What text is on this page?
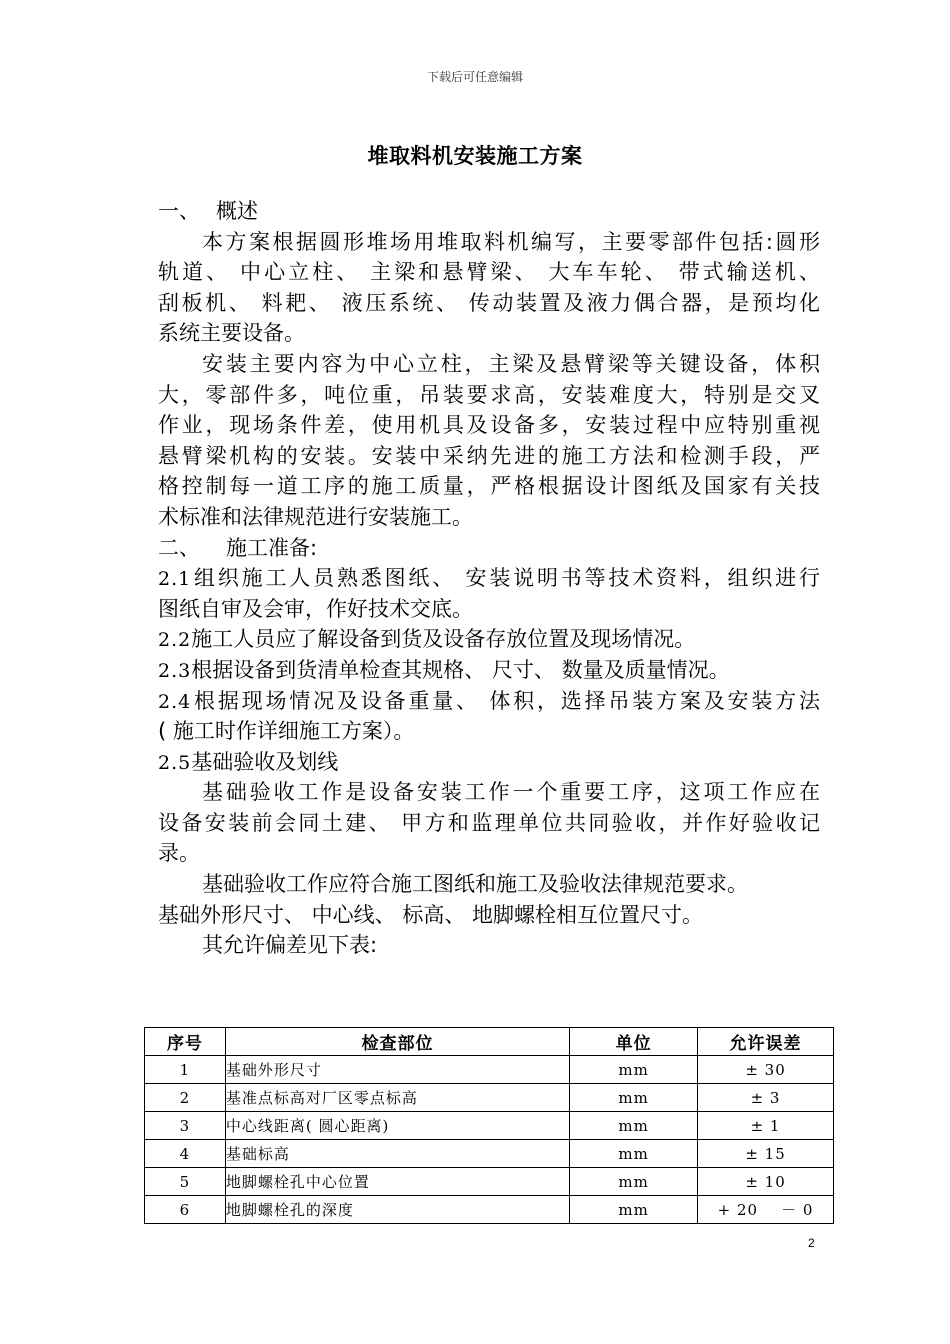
下载后可任意编辑
堆取料机安装施工方案
一、 概述
本方案根据圆形堆场用堆取料机编写，主要零部件包括:圆形
轨道、 中心立柱、 主梁和悬臂梁、 大车车轮、 带式输送机、
刮板机、 料耙、 液压系统、 传动装置及液力偶合器，是预均化
系统主要设备。
安装主要内容为中心立柱，主梁及悬臂梁等关键设备，体积
大，零部件多，吨位重，吊装要求高，安装难度大，特别是交叉
作业，现场条件差，使用机具及设备多，安装过程中应特别重视
悬臂梁机构的安装。安装中采纳先进的施工方法和检测手段，严
格控制每一道工序的施工质量，严格根据设计图纸及国家有关技
术标准和法律规范进行安装施工。
二、 施工准备:
2.1组织施工人员熟悉图纸、 安装说明书等技术资料，组织进行
图纸自审及会审，作好技术交底。
2.2施工人员应了解设备到货及设备存放位置及现场情况。
2.3根据设备到货清单检查其规格、 尺寸、 数量及质量情况。
2.4根据现场情况及设备重量、 体积，选择吊装方案及安装方法
( 施工时作详细施工方案）。
2.5基础验收及划线
基础验收工作是设备安装工作一个重要工序，这项工作应在
设备安装前会同土建、 甲方和监理单位共同验收，并作好验收记
录。
基础验收工作应符合施工图纸和施工及验收法律规范要求。
基础外形尺寸、 中心线、 标高、 地脚螺栓相互位置尺寸。
其允许偏差见下表:
序号	检查部位	单位	允许误差
1	基础外形尺寸	mm	± 30
2	基准点标高对厂区零点标高	mm	± 3
3	中心线距离( 圆心距离)	mm	± 1
4	基础标高	mm	± 15
5	地脚螺栓孔中心位置	mm	± 10
6	地脚螺栓孔的深度	mm	+ 20    － 0
2
